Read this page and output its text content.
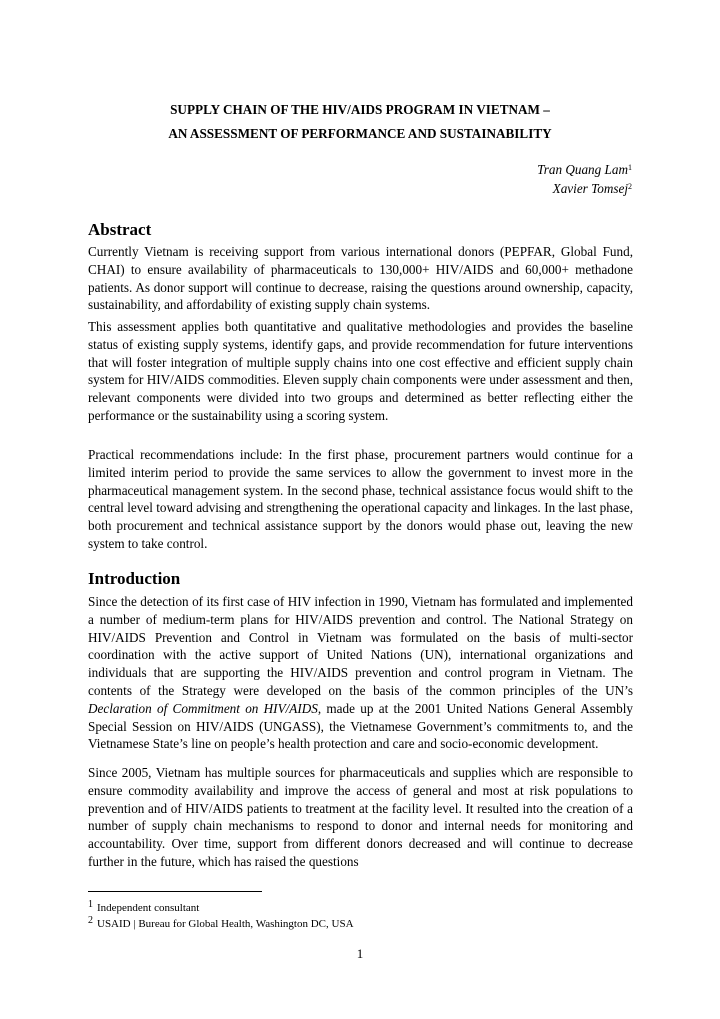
SUPPLY CHAIN OF THE HIV/AIDS PROGRAM IN VIETNAM –
AN ASSESSMENT OF PERFORMANCE AND SUSTAINABILITY
Tran Quang Lam$^1$
Xavier Tomsej$^2$
Abstract

Currently Vietnam is receiving support from various international donors (PEPFAR, Global Fund, CHAI) to ensure availability of pharmaceuticals to 130,000+ HIV/AIDS and 60,000+ methadone patients. As donor support will continue to decrease, raising the questions around ownership, capacity, sustainability, and affordability of existing supply chain systems.

This assessment applies both quantitative and qualitative methodologies and provides the baseline status of existing supply systems, identify gaps, and provide recommendation for future interventions that will foster integration of multiple supply chains into one cost effective and efficient supply chain system for HIV/AIDS commodities. Eleven supply chain components were under assessment and then, relevant components were divided into two groups and determined as better reflecting either the performance or the sustainability using a scoring system.

Practical recommendations include: In the first phase, procurement partners would continue for a limited interim period to provide the same services to allow the government to invest more in the pharmaceutical management system. In the second phase, technical assistance focus would shift to the central level toward advising and strengthening the operational capacity and linkages. In the last phase, both procurement and technical assistance support by the donors would phase out, leaving the new system to take control.

Introduction

Since the detection of its first case of HIV infection in 1990, Vietnam has formulated and implemented a number of medium-term plans for HIV/AIDS prevention and control. The National Strategy on HIV/AIDS Prevention and Control in Vietnam was formulated on the basis of multi-sector coordination with the active support of United Nations (UN), international organizations and individuals that are supporting the HIV/AIDS prevention and control program in Vietnam. The contents of the Strategy were developed on the basis of the common principles of the UN’s Declaration of Commitment on HIV/AIDS, made up at the 2001 United Nations General Assembly Special Session on HIV/AIDS (UNGASS), the Vietnamese Government’s commitments to, and the Vietnamese State’s line on people’s health protection and care and socio-economic development.

Since 2005, Vietnam has multiple sources for pharmaceuticals and supplies which are responsible to ensure commodity availability and improve the access of general and most at risk populations to prevention and of HIV/AIDS patients to treatment at the facility level. It resulted into the creation of a number of supply chain mechanisms to respond to donor and internal needs for monitoring and accountability. Over time, support from different donors decreased and will continue to decrease further in the future, which has raised the questions

$^1$ Independent consultant
$^2$ USAID | Bureau for Global Health, Washington DC, USA
1
